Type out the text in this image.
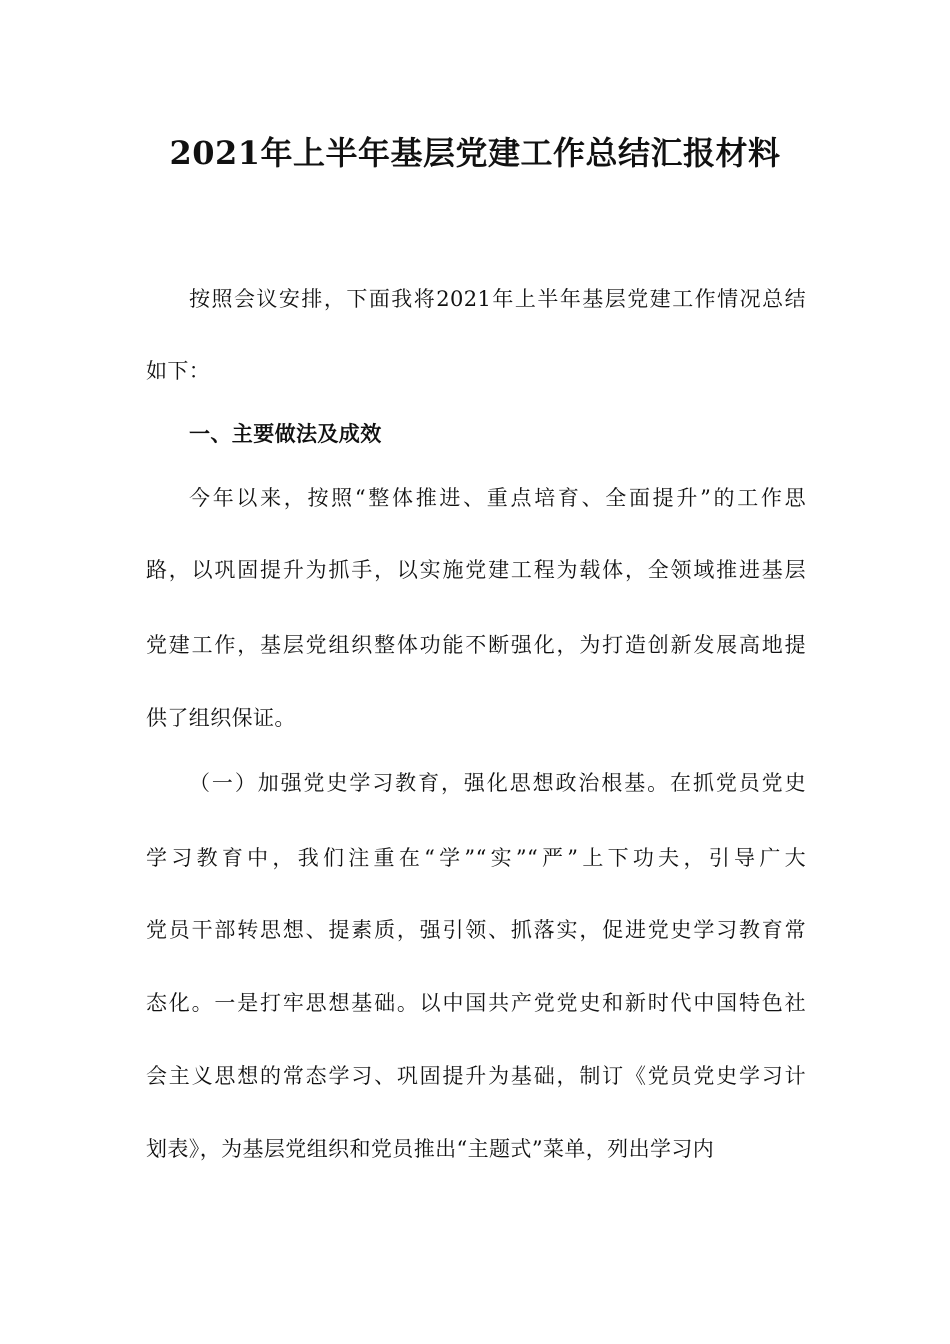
2021年上半年基层党建工作总结汇报材料
按照会议安排，下面我将2021年上半年基层党建工作情况总结
如下：
一、主要做法及成效
今年以来，按照“整体推进、重点培育、全面提升”的工作思
路，以巩固提升为抓手，以实施党建工程为载体，全领域推进基层
党建工作，基层党组织整体功能不断强化，为打造创新发展高地提
供了组织保证。
（一）加强党史学习教育，强化思想政治根基。在抓党员党史
学习教育中，我们注重在“学”“实”“严”上下功夫，引导广大
党员干部转思想、提素质，强引领、抓落实，促进党史学习教育常
态化。一是打牢思想基础。以中国共产党党史和新时代中国特色社
会主义思想的常态学习、巩固提升为基础，制订《党员党史学习计
划表》，为基层党组织和党员推出“主题式”菜单，列出学习内
